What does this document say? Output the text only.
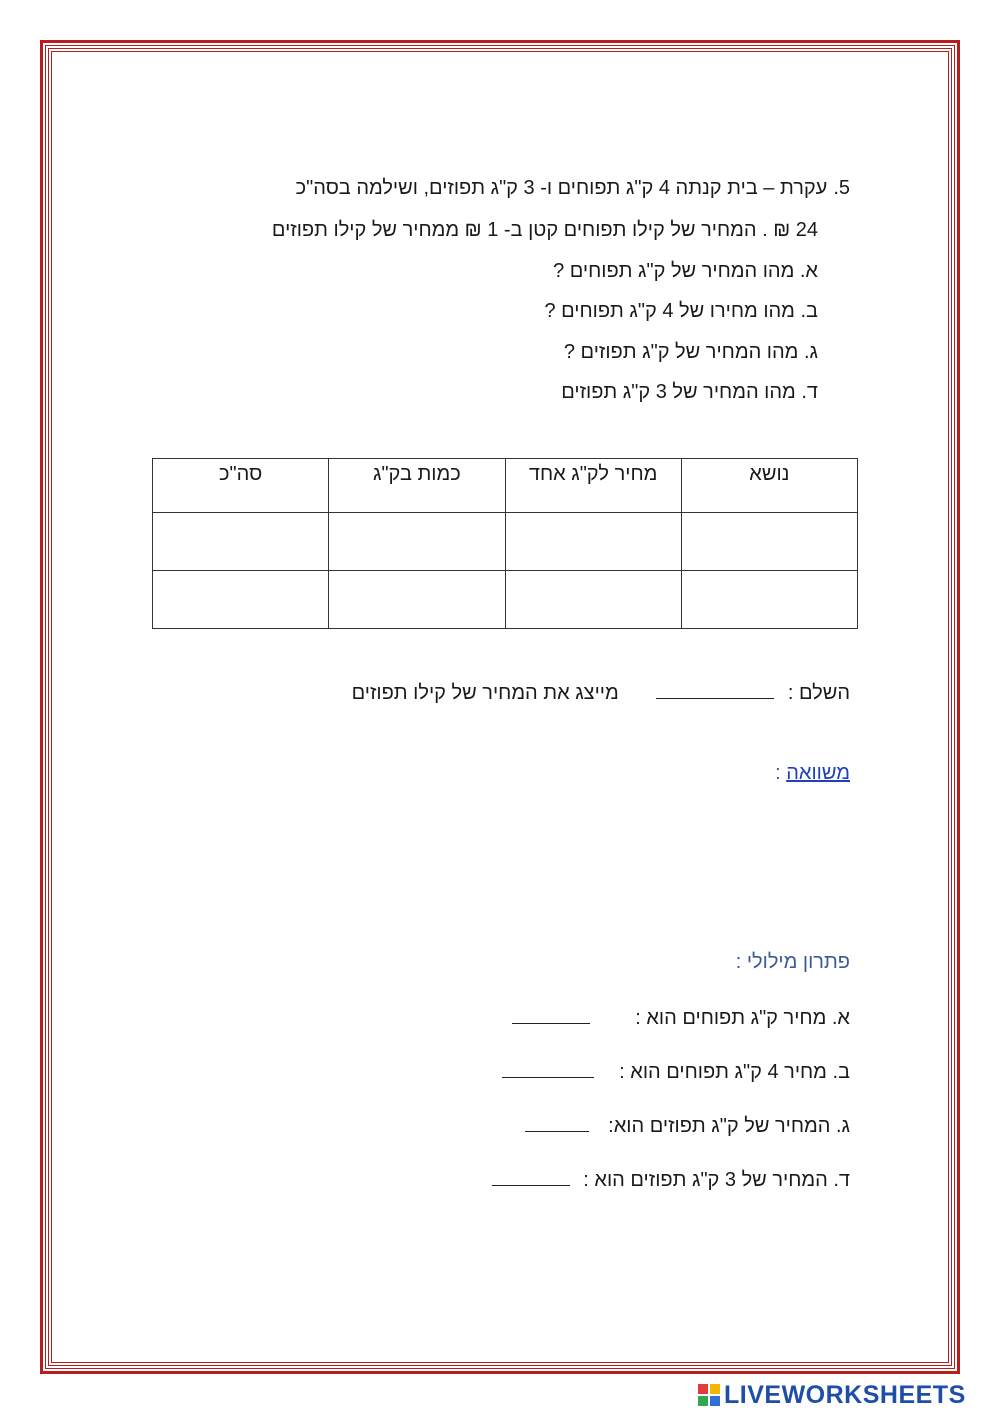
5.עקרת – בית קנתה 4 ק"ג תפוחים ו- 3 ק"ג תפוזים, ושילמה בסה"כ
24 ₪ . המחיר של קילו תפוחים קטן ב- 1 ₪ ממחיר של קילו תפוזים
א. מהו המחיר של ק"ג תפוחים ?
ב. מהו מחירו של 4 ק"ג תפוחים ?
ג. מהו המחיר של ק"ג תפוזים ?
ד. מהו המחיר של 3 ק"ג תפוזים
נושא	מחיר לק"ג אחד	כמות בק"ג	סה"כ

השלם :  מייצג את המחיר של קילו תפוזים
משוואה :
פתרון מילולי :
א. מחיר ק"ג תפוחים הוא :
ב. מחיר 4 ק"ג תפוחים הוא :
ג. המחיר של ק"ג תפוזים הוא:
ד. המחיר של 3 ק"ג תפוזים הוא :
LIVEWORKSHEETS
